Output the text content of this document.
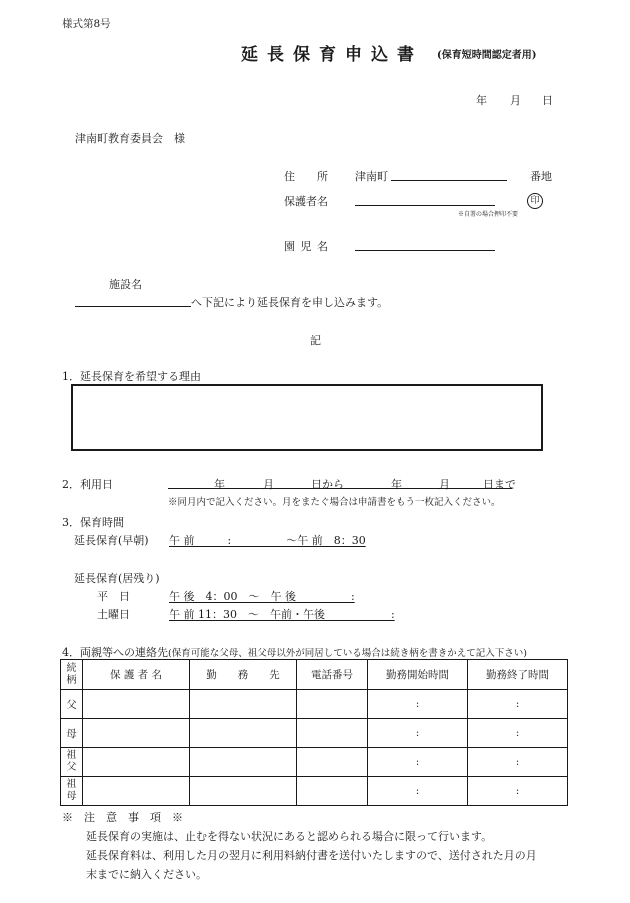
様式第8号
延長保育申込書 (保育短時間認定者用)
年 月 日
津南町教育委員会　様
住　　所 津南町	番地
保護者名	印
※自署の場合押印不要
園 児 名
施設名
へ下記により延長保育を申し込みます。
記
1．延長保育を希望する理由
2．利用日	年	月	日から	年	月	日まで
※同月内で記入ください。月をまたぐ場合は申請書をもう一枚記入ください。
3．保育時間
延長保育(早朝) 午 前　　　:　　　　　〜午 前　8：30
延長保育(居残り)
平　日	午 後　4：00　〜　午 後　　　　　:
土曜日	午 前 11：30　〜　午前・午後　　　　　　:
4．両親等への連絡先(保育可能な父母、祖父母以外が同居している場合は続き柄を書きかえて記入下さい)
続柄	保 護 者 名	勤　　務　　先	電話番号	勤務開始時間	勤務終了時間
父				:	:
母				:	:

祖父				:	:

祖母				:	:
※　注　意　事　項　※
延長保育の実施は、止むを得ない状況にあると認められる場合に限って行います。
延長保育料は、利用した月の翌月に利用料納付書を送付いたしますので、送付された月の月
末までに納入ください。
